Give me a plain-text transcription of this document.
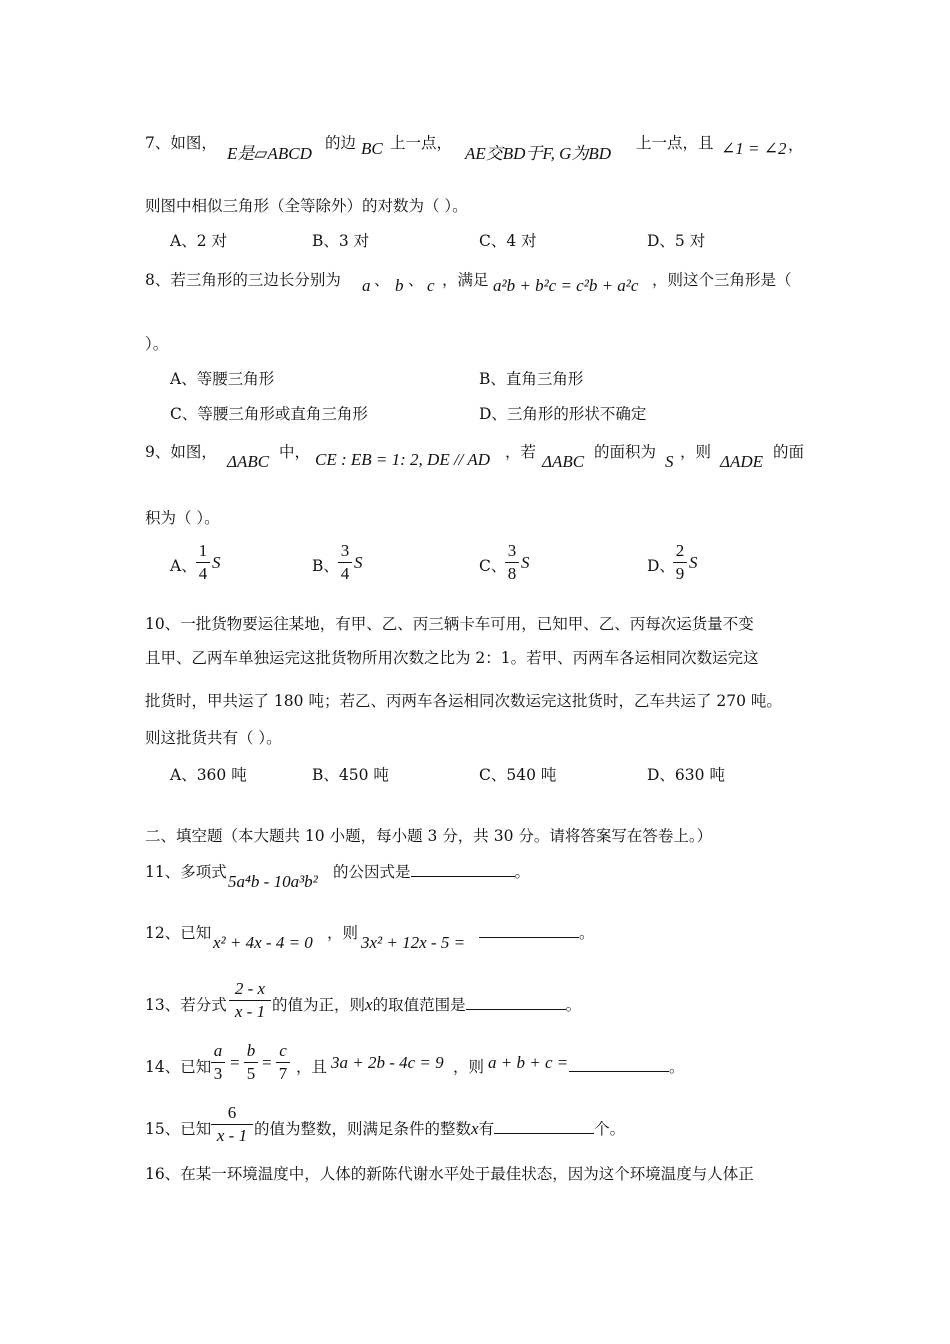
7、如图，
E是▱ABCD
的边 BC 上一点，
AE交BD于F, G为BD
上一点，且 ∠1 = ∠2 ，
则图中相似三角形（全等除外）的对数为（ ）。
A、2 对	B、3 对	C、4 对	D、5 对
8、若三角形的三边长分别为 a 、 b 、 c ，满足 a²b + b²c = c²b + a²c ，则这个三角形是（
）。
A、等腰三角形	B、直角三角形
C、等腰三角形或直角三角形	D、三角形的形状不确定
9、如图， ΔABC 中， CE : EB = 1: 2, DE // AD ，若 ΔABC 的面积为 S ，则 ΔADE 的面
积为（ ）。
A、
1
4
S	B、
3
4
S	C、
3
8
S	D、
2
9
S
10、一批货物要运往某地，有甲、乙、丙三辆卡车可用，已知甲、乙、丙每次运货量不变
且甲、乙两车单独运完这批货物所用次数之比为 2：1。若甲、丙两车各运相同次数运完这
批货时，甲共运了 180 吨；若乙、丙两车各运相同次数运完这批货时，乙车共运了 270 吨。
则这批货共有（ ）。
A、360 吨	B、450 吨	C、540 吨	D、630 吨
二、填空题（本大题共 10 小题，每小题 3 分，共 30 分。请将答案写在答卷上。）
11、多项式 5a⁴b - 10a³b² 的公因式是	。
12、已知 x² + 4x - 4 = 0 ，则 3x² + 12x - 5 =	。
13、若分式
2 - x
x - 1 的值为正，则x的取值范围是	。
14、已知
a
3
=
b
5
=
c
7 ，且 3a + 2b - 4c = 9 ，则 a + b + c =	。
15、已知
6
x - 1 的值为整数，则满足条件的整数x有	个。
16、在某一环境温度中，人体的新陈代谢水平处于最佳状态，因为这个环境温度与人体正
